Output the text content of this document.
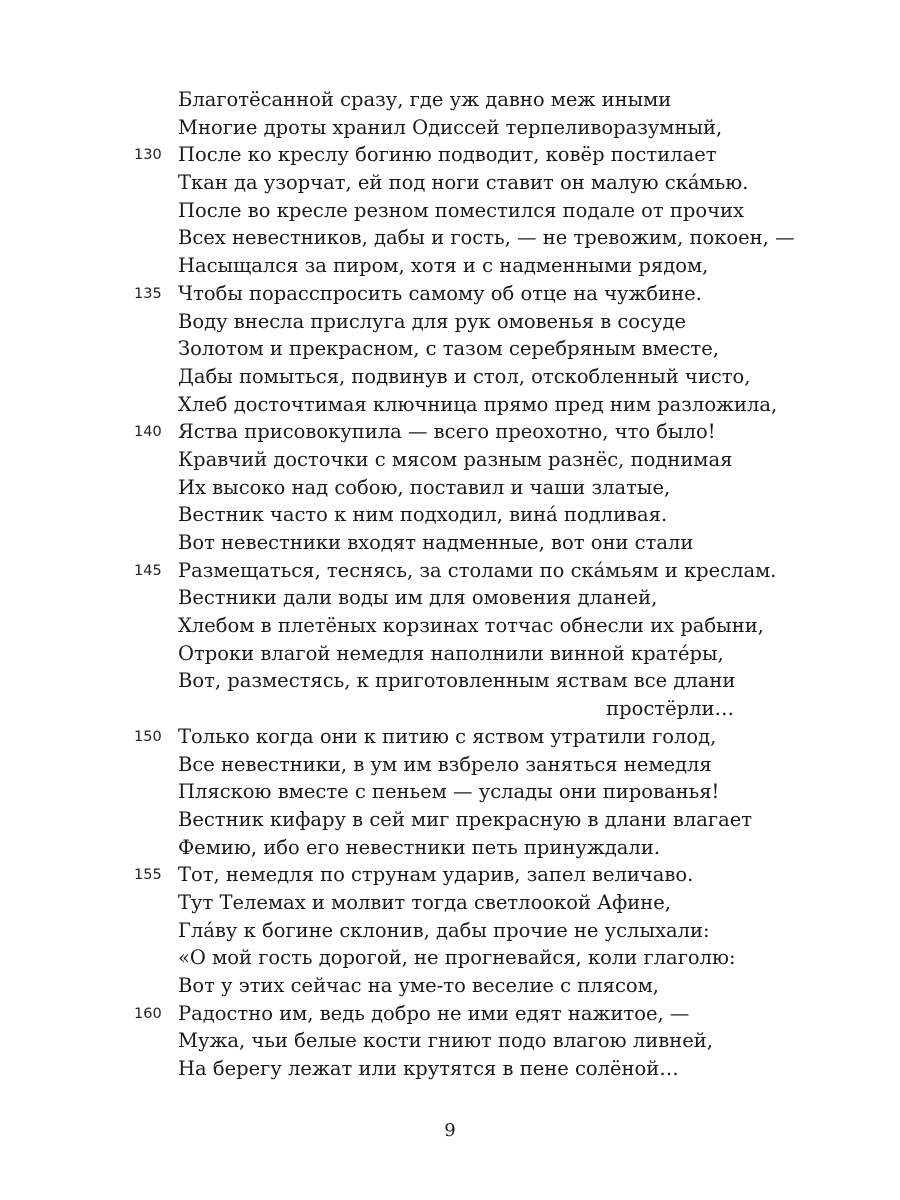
Благотёсанной сразу, где уж давно меж иными
Многие дроты хранил Одиссей терпеливоразумный,
130 После ко креслу богиню подводит, ковёр постилает
Ткан да узорчат, ей под ноги ставит он малую ска́мью.
После во кресле резном поместился подале от прочих
Всех невестников, дабы и гость, — не тревожим, покоен, —
Насыщался за пиром, хотя и с надменными рядом,
135 Чтобы порасспросить самому об отце на чужбине.
Воду внесла прислуга для рук омовенья в сосуде
Золотом и прекрасном, с тазом серебряным вместе,
Дабы помыться, подвинув и стол, отскобленный чисто,
Хлеб досточтимая ключница прямо пред ним разложила,
140 Яства присовокупила — всего преохотно, что было!
Кравчий досточки с мясом разным разнёс, поднимая
Их высоко над собою, поставил и чаши златые,
Вестник часто к ним подходил, вина́ подливая.
Вот невестники входят надменные, вот они стали
145 Размещаться, теснясь, за столами по ска́мьям и креслам.
Вестники дали воды им для омовения дланей,
Хлебом в плетёных корзинах тотчас обнесли их рабыни,
Отроки влагой немедля наполнили винной крате́ры,
Вот, разместясь, к приготовленным яствам все длани
простёрли…
150 Только когда они к питию с яством утратили голод,
Все невестники, в ум им взбрело заняться немедля
Пляскою вместе с пеньем — услады они пированья!
Вестник кифару в сей миг прекрасную в длани влагает
Фемию, ибо его невестники петь принуждали.
155 Тот, немедля по струнам ударив, запел величаво.
Тут Телемах и молвит тогда светлоокой Афине,
Гла́ву к богине склонив, дабы прочие не услыхали:
«О мой гость дорогой, не прогневайся, коли глаголю:
Вот у этих сейчас на уме-то веселие с плясом,
160 Радостно им, ведь добро не ими едят нажитое, —
Мужа, чьи белые кости гниют подо влагою ливней,
На берегу лежат или крутятся в пене солёной…
9
